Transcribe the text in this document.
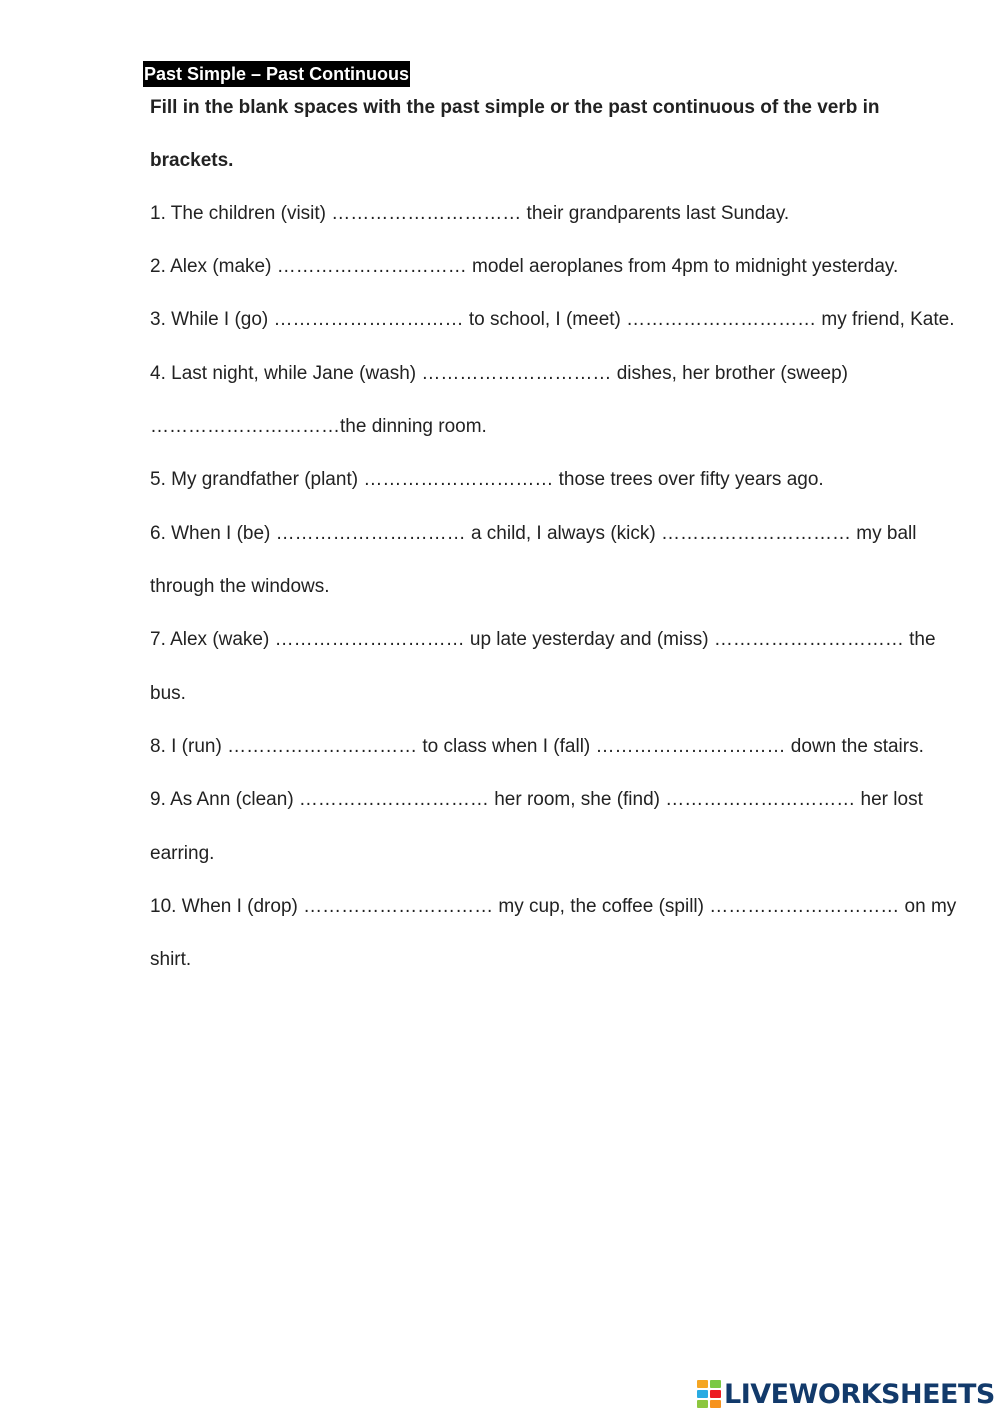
Past Simple – Past Continuous
Fill in the blank spaces with the past simple or the past continuous of the verb in
brackets.
1. The children (visit) ………………………… their grandparents last Sunday.
2. Alex (make) ………………………… model aeroplanes from 4pm to midnight yesterday.
3. While I (go) ………………………… to school, I (meet) ………………………… my friend, Kate.
4. Last night, while Jane (wash) ………………………… dishes, her brother (sweep)
…………………………the dinning room.
5. My grandfather (plant) ………………………… those trees over fifty years ago.
6. When I (be) ………………………… a child, I always (kick) ………………………… my ball
through the windows.
7. Alex (wake) ………………………… up late yesterday and (miss) ………………………… the
bus.
8. I (run) ………………………… to class when I (fall) ………………………… down the stairs.
9. As Ann (clean) ………………………… her room, she (find) ………………………… her lost
earring.
10. When I (drop) ………………………… my cup, the coffee (spill) ………………………… on my
shirt.
LIVEWORKSHEETS
